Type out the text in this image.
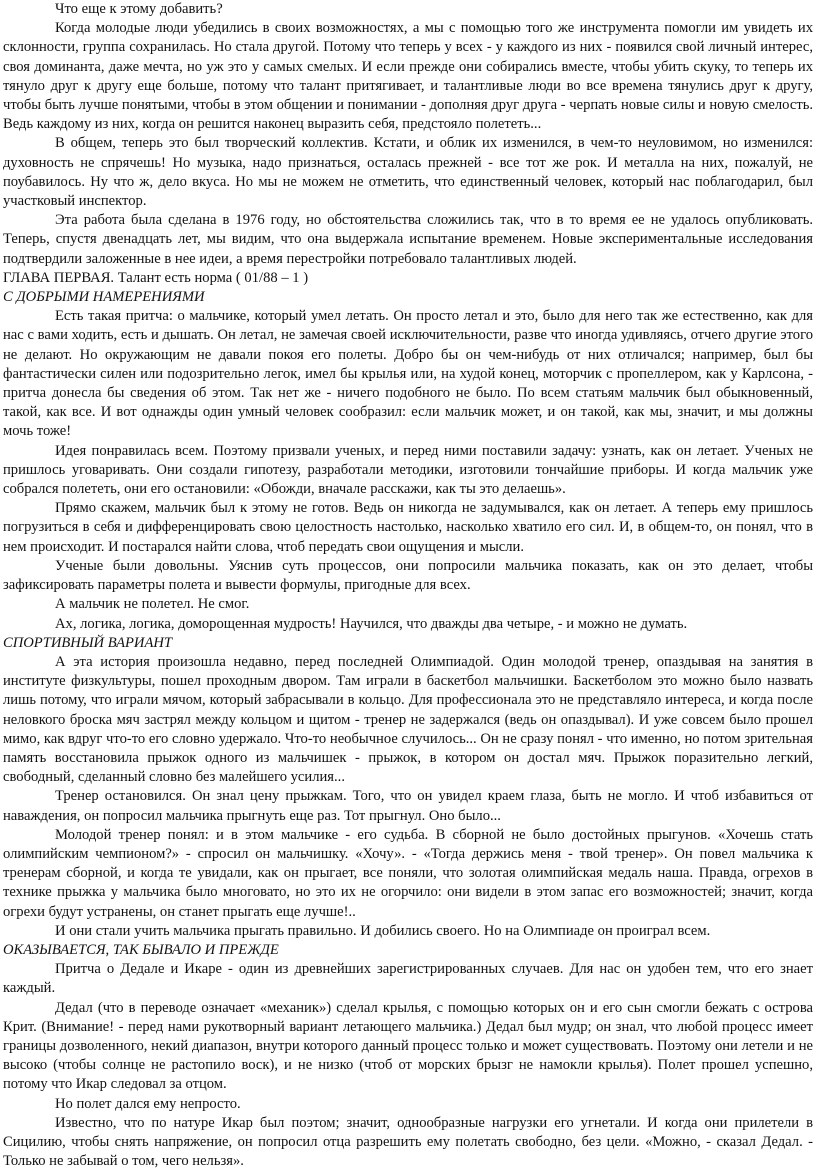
Что еще к этому добавить?

Когда молодые люди убедились в своих возможностях, а мы с помощью того же инструмента помогли им увидеть их склонности, группа сохранилась. Но стала другой. Потому что теперь у всех - у каждого из них - появился свой личный интерес, своя доминанта, даже мечта, но уж это у самых смелых. И если прежде они собирались вместе, чтобы убить скуку, то теперь их тянуло друг к другу еще больше, потому что талант притягивает, и талантливые люди во все времена тянулись друг к другу, чтобы быть лучше понятыми, чтобы в этом общении и понимании - дополняя друг друга - черпать новые силы и новую смелость. Ведь каждому из них, когда он решится наконец выразить себя, предстояло полететь...

В общем, теперь это был творческий коллектив. Кстати, и облик их изменился, в чем-то неуловимом, но изменился: духовность не спрячешь! Но музыка, надо признаться, осталась прежней - все тот же рок. И металла на них, пожалуй, не поубавилось. Ну что ж, дело вкуса. Но мы не можем не отметить, что единственный человек, который нас поблагодарил, был участковый инспектор.

Эта работа была сделана в 1976 году, но обстоятельства сложились так, что в то время ее не удалось опубликовать. Теперь, спустя двенадцать лет, мы видим, что она выдержала испытание временем. Новые экспериментальные исследования подтвердили заложенные в нее идеи, а время перестройки потребовало талантливых людей.

ГЛАВА ПЕРВАЯ. Талант есть норма ( 01/88 – 1 )

С ДОБРЫМИ НАМЕРЕНИЯМИ

Есть такая притча: о мальчике, который умел летать. Он просто летал и это, было для него так же естественно, как для нас с вами ходить, есть и дышать. Он летал, не замечая своей исключительности, разве что иногда удивляясь, отчего другие этого не делают. Но окружающим не давали покоя его полеты. Добро бы он чем-нибудь от них отличался; например, был бы фантастически силен или подозрительно легок, имел бы крылья или, на худой конец, моторчик с пропеллером, как у Карлсона, - притча донесла бы сведения об этом. Так нет же - ничего подобного не было. По всем статьям мальчик был обыкновенный, такой, как все. И вот однажды один умный человек сообразил: если мальчик может, и он такой, как мы, значит, и мы должны мочь тоже!

Идея понравилась всем. Поэтому призвали ученых, и перед ними поставили задачу: узнать, как он летает. Ученых не пришлось уговаривать. Они создали гипотезу, разработали методики, изготовили тончайшие приборы. И когда мальчик уже собрался полететь, они его остановили: «Обожди, вначале расскажи, как ты это делаешь».

Прямо скажем, мальчик был к этому не готов. Ведь он никогда не задумывался, как он летает. А теперь ему пришлось погрузиться в себя и дифференцировать свою целостность настолько, насколько хватило его сил. И, в общем-то, он понял, что в нем происходит. И постарался найти слова, чтоб передать свои ощущения и мысли.

Ученые были довольны. Уяснив суть процессов, они попросили мальчика показать, как он это делает, чтобы зафиксировать параметры полета и вывести формулы, пригодные для всех.

А мальчик не полетел. Не смог.

Ах, логика, логика, доморощенная мудрость! Научился, что дважды два четыре, - и можно не думать.

СПОРТИВНЫЙ ВАРИАНТ

А эта история произошла недавно, перед последней Олимпиадой. Один молодой тренер, опаздывая на занятия в институте физкультуры, пошел проходным двором. Там играли в баскетбол мальчишки. Баскетболом это можно было назвать лишь потому, что играли мячом, который забрасывали в кольцо. Для профессионала это не представляло интереса, и когда после неловкого броска мяч застрял между кольцом и щитом - тренер не задержался (ведь он опаздывал). И уже совсем было прошел мимо, как вдруг что-то его словно удержало. Что-то необычное случилось... Он не сразу понял - что именно, но потом зрительная память восстановила прыжок одного из мальчишек - прыжок, в котором он достал мяч. Прыжок поразительно легкий, свободный, сделанный словно без малейшего усилия...

Тренер остановился. Он знал цену прыжкам. Того, что он увидел краем глаза, быть не могло. И чтоб избавиться от наваждения, он попросил мальчика прыгнуть еще раз. Тот прыгнул. Оно было...

Молодой тренер понял: и в этом мальчике - его судьба. В сборной не было достойных прыгунов. «Хочешь стать олимпийским чемпионом?» - спросил он мальчишку. «Хочу». - «Тогда держись меня - твой тренер». Он повел мальчика к тренерам сборной, и когда те увидали, как он прыгает, все поняли, что золотая олимпийская медаль наша. Правда, огрехов в технике прыжка у мальчика было многовато, но это их не огорчило: они видели в этом запас его возможностей; значит, когда огрехи будут устранены, он станет прыгать еще лучше!..

И они стали учить мальчика прыгать правильно. И добились своего. Но на Олимпиаде он проиграл всем.

ОКАЗЫВАЕТСЯ, ТАК БЫВАЛО И ПРЕЖДЕ

Притча о Дедале и Икаре - один из древнейших зарегистрированных случаев. Для нас он удобен тем, что его знает каждый.

Дедал (что в переводе означает «механик») сделал крылья, с помощью которых он и его сын смогли бежать с острова Крит. (Внимание! - перед нами рукотворный вариант летающего мальчика.) Дедал был мудр; он знал, что любой процесс имеет границы дозволенного, некий диапазон, внутри которого данный процесс только и может существовать. Поэтому они летели и не высоко (чтобы солнце не растопило воск), и не низко (чтоб от морских брызг не намокли крылья). Полет прошел успешно, потому что Икар следовал за отцом.

Но полет дался ему непросто.

Известно, что по натуре Икар был поэтом; значит, однообразные нагрузки его угнетали. И когда они прилетели в Сицилию, чтобы снять напряжение, он попросил отца разрешить ему полетать свободно, без цели. «Можно, - сказал Дедал. - Только не забывай о том, чего нельзя».
